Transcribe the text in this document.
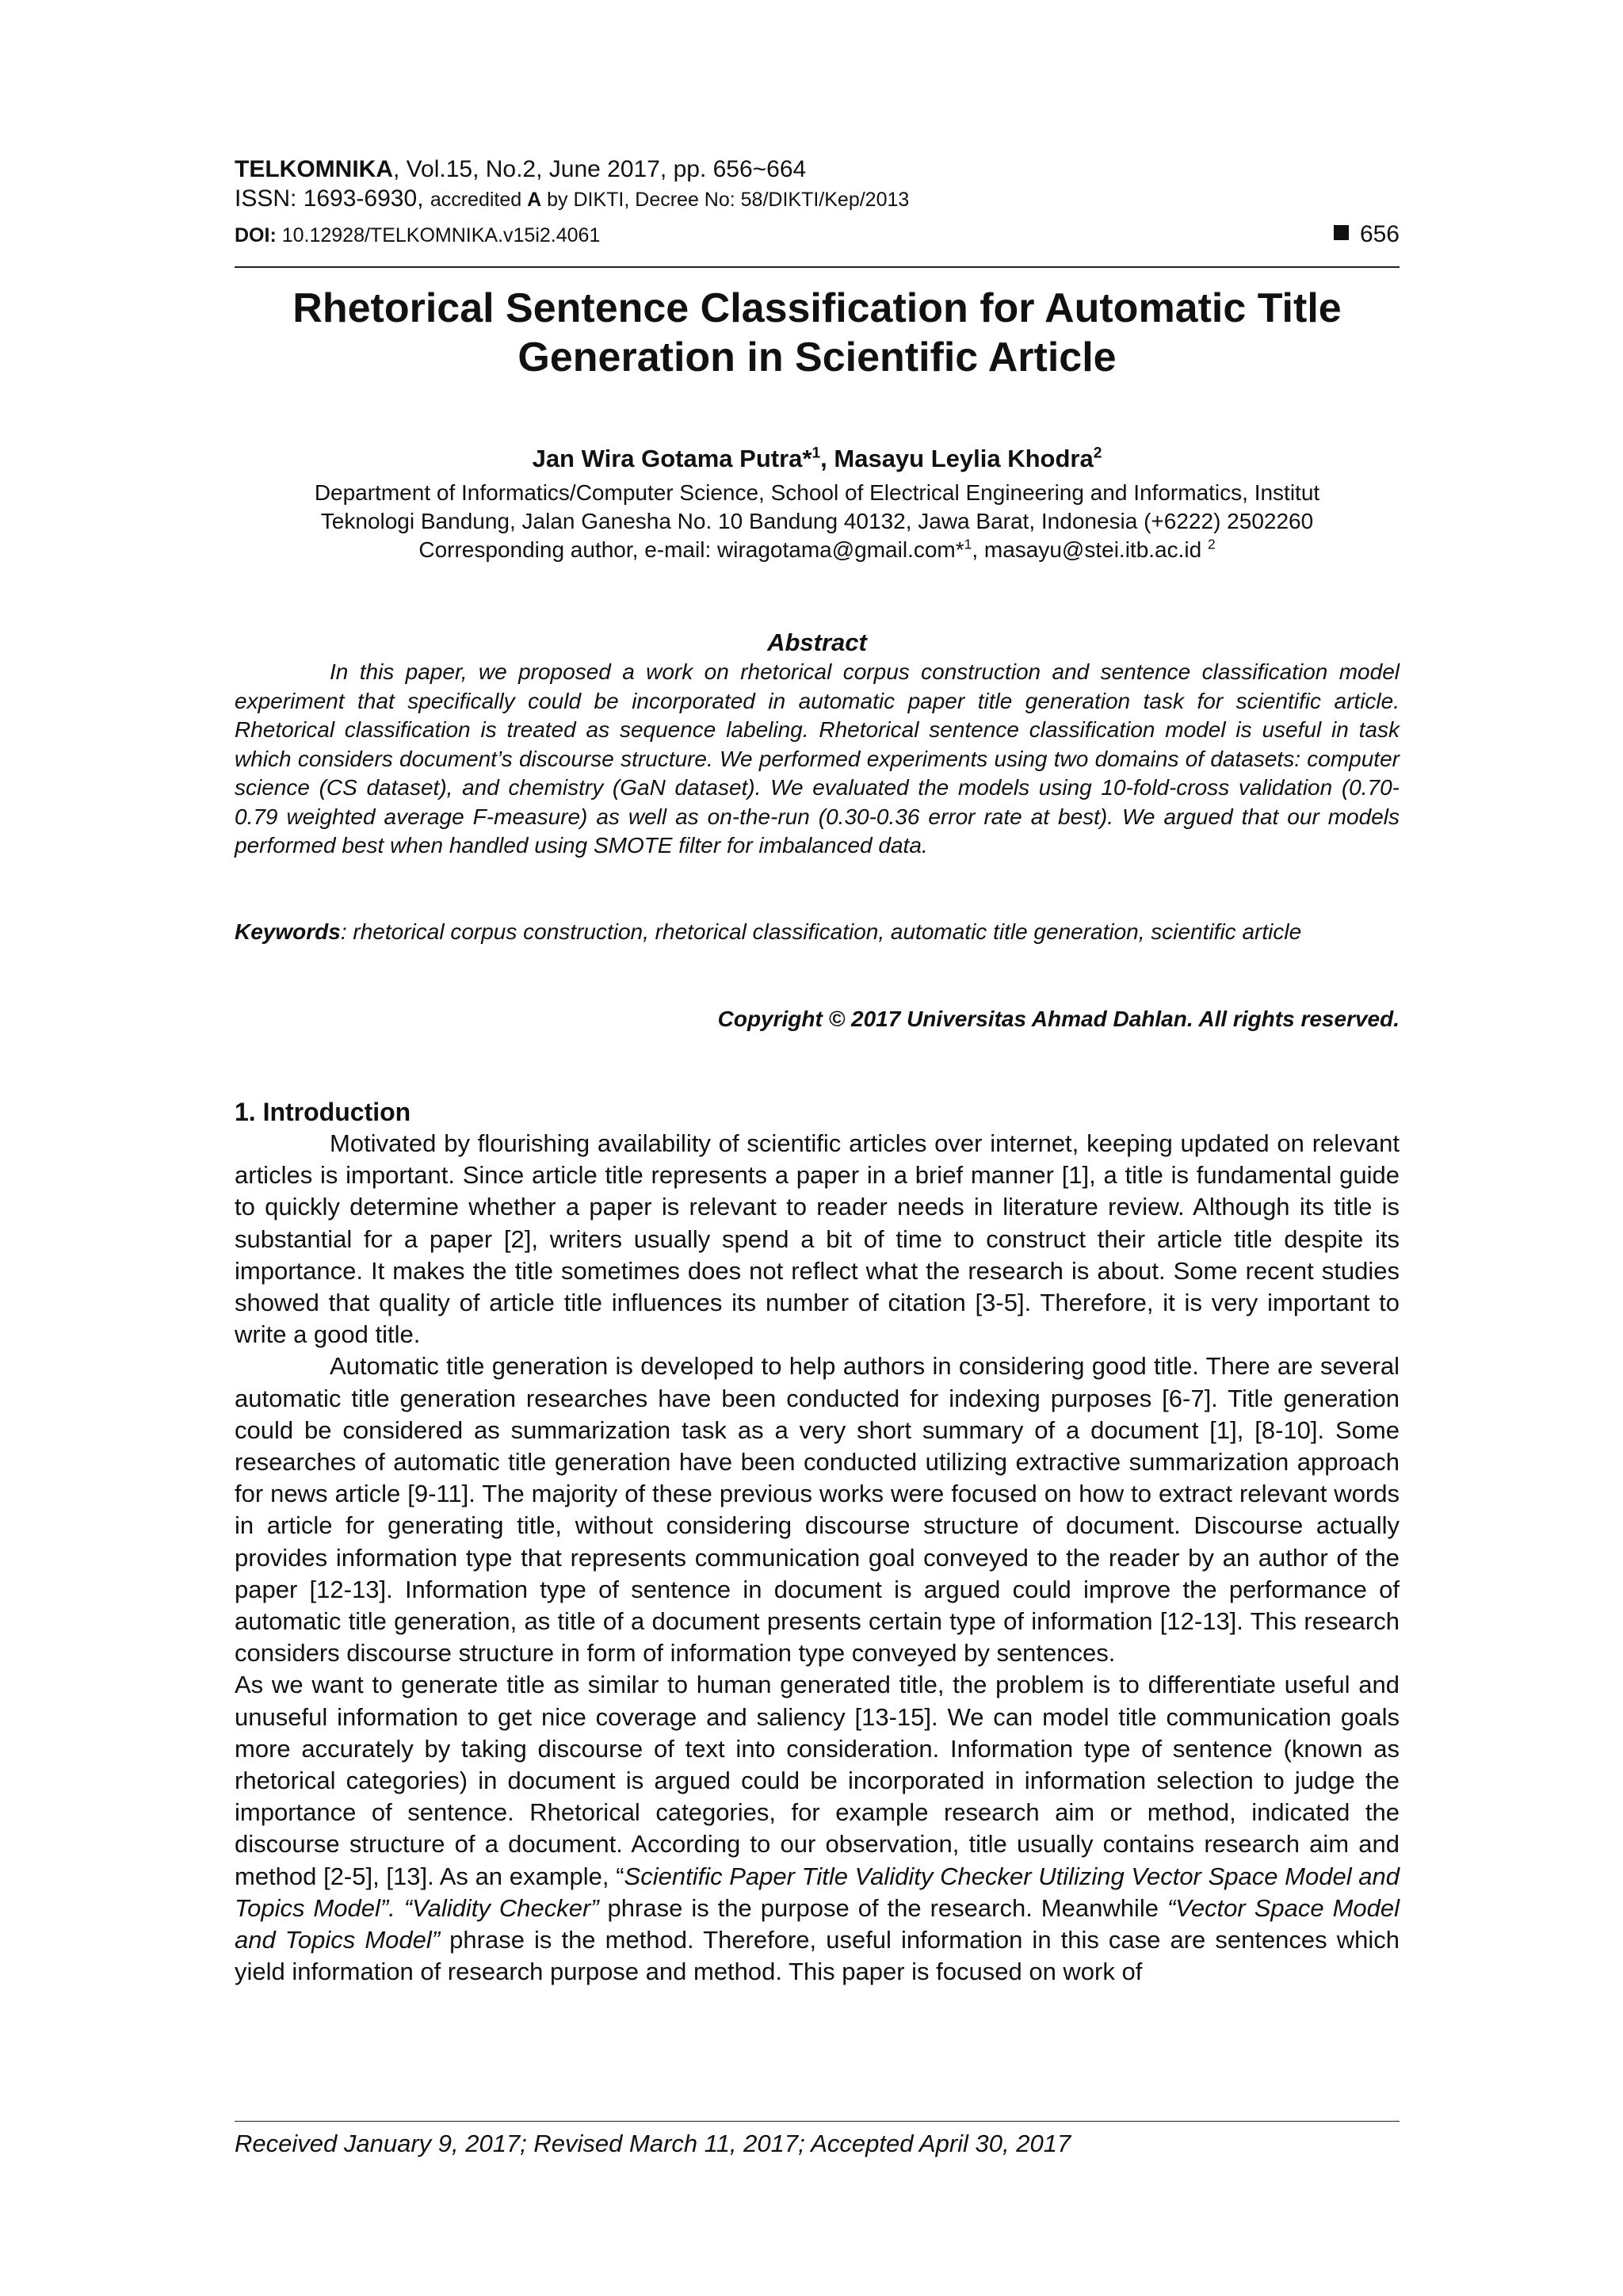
TELKOMNIKA, Vol.15, No.2, June 2017, pp. 656~664
ISSN: 1693-6930, accredited A by DIKTI, Decree No: 58/DIKTI/Kep/2013
DOI: 10.12928/TELKOMNIKA.v15i2.4061	656
Rhetorical Sentence Classification for Automatic Title
Generation in Scientific Article
Jan Wira Gotama Putra*$^1$, Masayu Leylia Khodra$^2$
Department of Informatics/Computer Science, School of Electrical Engineering and Informatics, Institut
Teknologi Bandung, Jalan Ganesha No. 10 Bandung 40132, Jawa Barat, Indonesia (+6222) 2502260
Corresponding author, e-mail: wiragotama@gmail.com*$^1$, masayu@stei.itb.ac.id $^2$
Abstract

In this paper, we proposed a work on rhetorical corpus construction and sentence classification model experiment that specifically could be incorporated in automatic paper title generation task for scientific article. Rhetorical classification is treated as sequence labeling. Rhetorical sentence classification model is useful in task which considers document’s discourse structure. We performed experiments using two domains of datasets: computer science (CS dataset), and chemistry (GaN dataset). We evaluated the models using 10-fold-cross validation (0.70-0.79 weighted average F-measure) as well as on-the-run (0.30-0.36 error rate at best). We argued that our models performed best when handled using SMOTE filter for imbalanced data.

Keywords: rhetorical corpus construction, rhetorical classification, automatic title generation, scientific article
Copyright © 2017 Universitas Ahmad Dahlan. All rights reserved.
1. Introduction

Motivated by flourishing availability of scientific articles over internet, keeping updated on relevant articles is important. Since article title represents a paper in a brief manner [1], a title is fundamental guide to quickly determine whether a paper is relevant to reader needs in literature review. Although its title is substantial for a paper [2], writers usually spend a bit of time to construct their article title despite its importance. It makes the title sometimes does not reflect what the research is about. Some recent studies showed that quality of article title influences its number of citation [3-5]. Therefore, it is very important to write a good title.

Automatic title generation is developed to help authors in considering good title. There are several automatic title generation researches have been conducted for indexing purposes [6-7]. Title generation could be considered as summarization task as a very short summary of a document [1], [8-10]. Some researches of automatic title generation have been conducted utilizing extractive summarization approach for news article [9-11]. The majority of these previous works were focused on how to extract relevant words in article for generating title, without considering discourse structure of document. Discourse actually provides information type that represents communication goal conveyed to the reader by an author of the paper [12-13]. Information type of sentence in document is argued could improve the performance of automatic title generation, as title of a document presents certain type of information [12-13]. This research considers discourse structure in form of information type conveyed by sentences.

As we want to generate title as similar to human generated title, the problem is to differentiate useful and unuseful information to get nice coverage and saliency [13-15]. We can model title communication goals more accurately by taking discourse of text into consideration. Information type of sentence (known as rhetorical categories) in document is argued could be incorporated in information selection to judge the importance of sentence. Rhetorical categories, for example research aim or method, indicated the discourse structure of a document. According to our observation, title usually contains research aim and method [2-5], [13]. As an example, “Scientific Paper Title Validity Checker Utilizing Vector Space Model and Topics Model”. “Validity Checker” phrase is the purpose of the research. Meanwhile “Vector Space Model and Topics Model” phrase is the method. Therefore, useful information in this case are sentences which yield information of research purpose and method. This paper is focused on work of

Received January 9, 2017; Revised March 11, 2017; Accepted April 30, 2017
